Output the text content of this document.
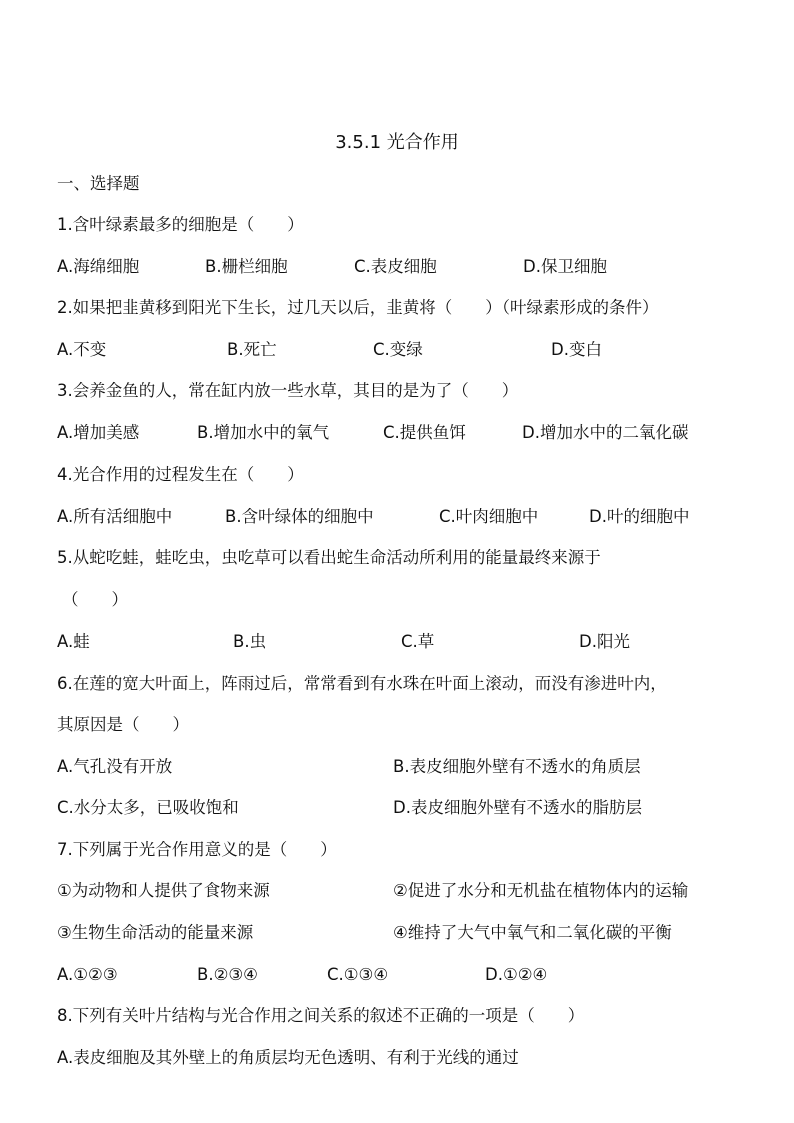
3.5.1 光合作用
一、选择题
1.含叶绿素最多的细胞是（　　）
A.海绵细胞	B.栅栏细胞	C.表皮细胞	D.保卫细胞
2.如果把韭黄移到阳光下生长，过几天以后，韭黄将（　　）（叶绿素形成的条件）
A.不变	B.死亡	C.变绿	D.变白
3.会养金鱼的人，常在缸内放一些水草，其目的是为了（　　）
A.增加美感	B.增加水中的氧气	C.提供鱼饵	D.增加水中的二氧化碳
4.光合作用的过程发生在（　　）
A.所有活细胞中	B.含叶绿体的细胞中	C.叶肉细胞中	D.叶的细胞中
5.从蛇吃蛙，蛙吃虫，虫吃草可以看出蛇生命活动所利用的能量最终来源于
（　　）
A.蛙	B.虫	C.草	D.阳光
6.在莲的宽大叶面上，阵雨过后，常常看到有水珠在叶面上滚动，而没有渗进叶内，
其原因是（　　）
A.气孔没有开放	B.表皮细胞外壁有不透水的角质层
C.水分太多，已吸收饱和	D.表皮细胞外壁有不透水的脂肪层
7.下列属于光合作用意义的是（　　）
①为动物和人提供了食物来源	②促进了水分和无机盐在植物体内的运输
③生物生命活动的能量来源	④维持了大气中氧气和二氧化碳的平衡
A.①②③	B.②③④	C.①③④	D.①②④
8.下列有关叶片结构与光合作用之间关系的叙述不正确的一项是（　　）
A.表皮细胞及其外壁上的角质层均无色透明、有利于光线的通过
